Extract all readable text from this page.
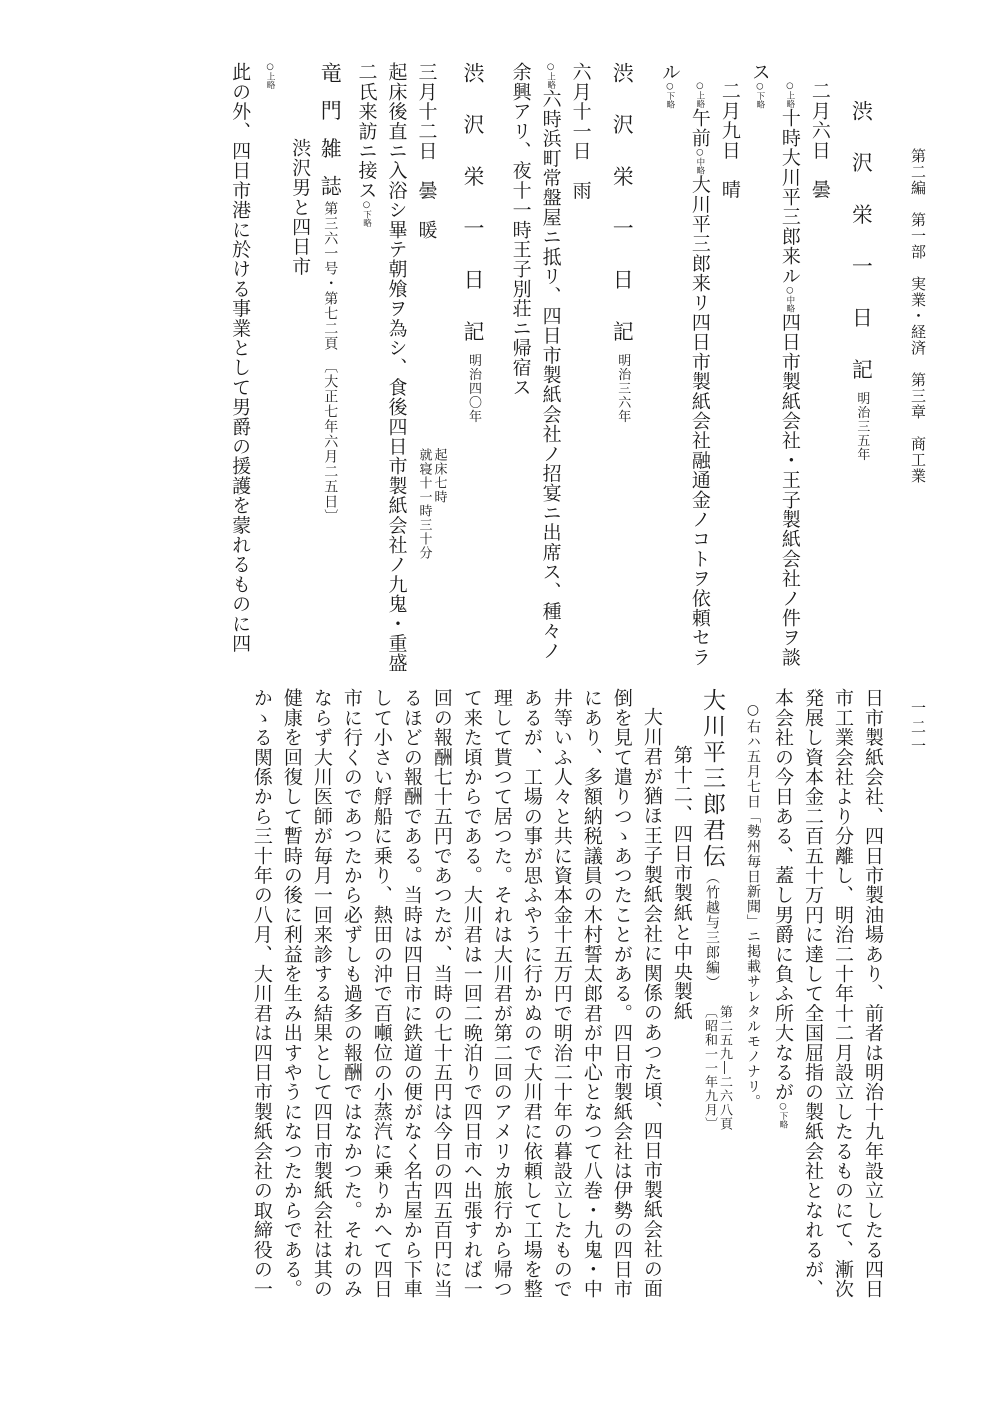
第二編　第一部　実業・経済　第三章　商工業
一二一
渋 沢 栄 一 日 記明治三五年
二月六日　曇
○上略十時大川平三郎来ル○中略四日市製紙会社・王子製紙会社ノ件ヲ談
ス○下略
二月九日　晴
○上略午前○中略大川平三郎来リ四日市製紙会社融通金ノコトヲ依頼セラ
ル○下略
渋 沢 栄 一 日 記明治三六年
六月十一日　雨
○上略六時浜町常盤屋ニ抵リ、四日市製紙会社ノ招宴ニ出席ス、種々ノ
余興アリ、夜十一時王子別荘ニ帰宿ス
渋 沢 栄 一 日 記明治四〇年
三月十二日　曇　暖起床七時
就寝十一時三十分
起床後直ニ入浴シ畢テ朝飧ヲ為シ、食後四日市製紙会社ノ九鬼・重盛
二氏来訪ニ接ス○下略
竜 門 雑 誌第三六一号・第七二頁　〔大正七年六月二五日〕
渋沢男と四日市
○上略
此の外、四日市港に於ける事業として男爵の援護を蒙れるものに四
日市製紙会社、四日市製油場あり、前者は明治十九年設立したる四日
市工業会社より分離し、明治二十年十二月設立したるものにて、漸次
発展し資本金二百五十万円に達して全国屈指の製紙会社となれるが、
本会社の今日ある、蓋し男爵に負ふ所大なるが○下略
○右ハ五月七日「勢州毎日新聞」ニ掲載サレタルモノナリ。
大川平三郎君伝（竹越与三郎編）第二五九―二六八頁
〔昭和一一年九月〕
第十二、四日市製紙と中央製紙
大川君が猶ほ王子製紙会社に関係のあつた頃、四日市製紙会社の面
倒を見て遣りつゝあつたことがある。四日市製紙会社は伊勢の四日市
にあり、多額納税議員の木村誓太郎君が中心となつて八巻・九鬼・中
井等いふ人々と共に資本金十五万円で明治二十年の暮設立したもので
あるが、工場の事が思ふやうに行かぬので大川君に依頼して工場を整
理して貰つて居つた。それは大川君が第二回のアメリカ旅行から帰つ
て来た頃からである。大川君は一回二晩泊りで四日市へ出張すれば一
回の報酬七十五円であつたが、当時の七十五円は今日の四五百円に当
るほどの報酬である。当時は四日市に鉄道の便がなく名古屋から下車
して小さい艀船に乗り、熱田の沖で百噸位の小蒸汽に乗りかへて四日
市に行くのであつたから必ずしも過多の報酬ではなかつた。それのみ
ならず大川医師が毎月一回来診する結果として四日市製紙会社は其の
健康を回復して暫時の後に利益を生み出すやうになつたからである。
かゝる関係から三十年の八月、大川君は四日市製紙会社の取締役の一
